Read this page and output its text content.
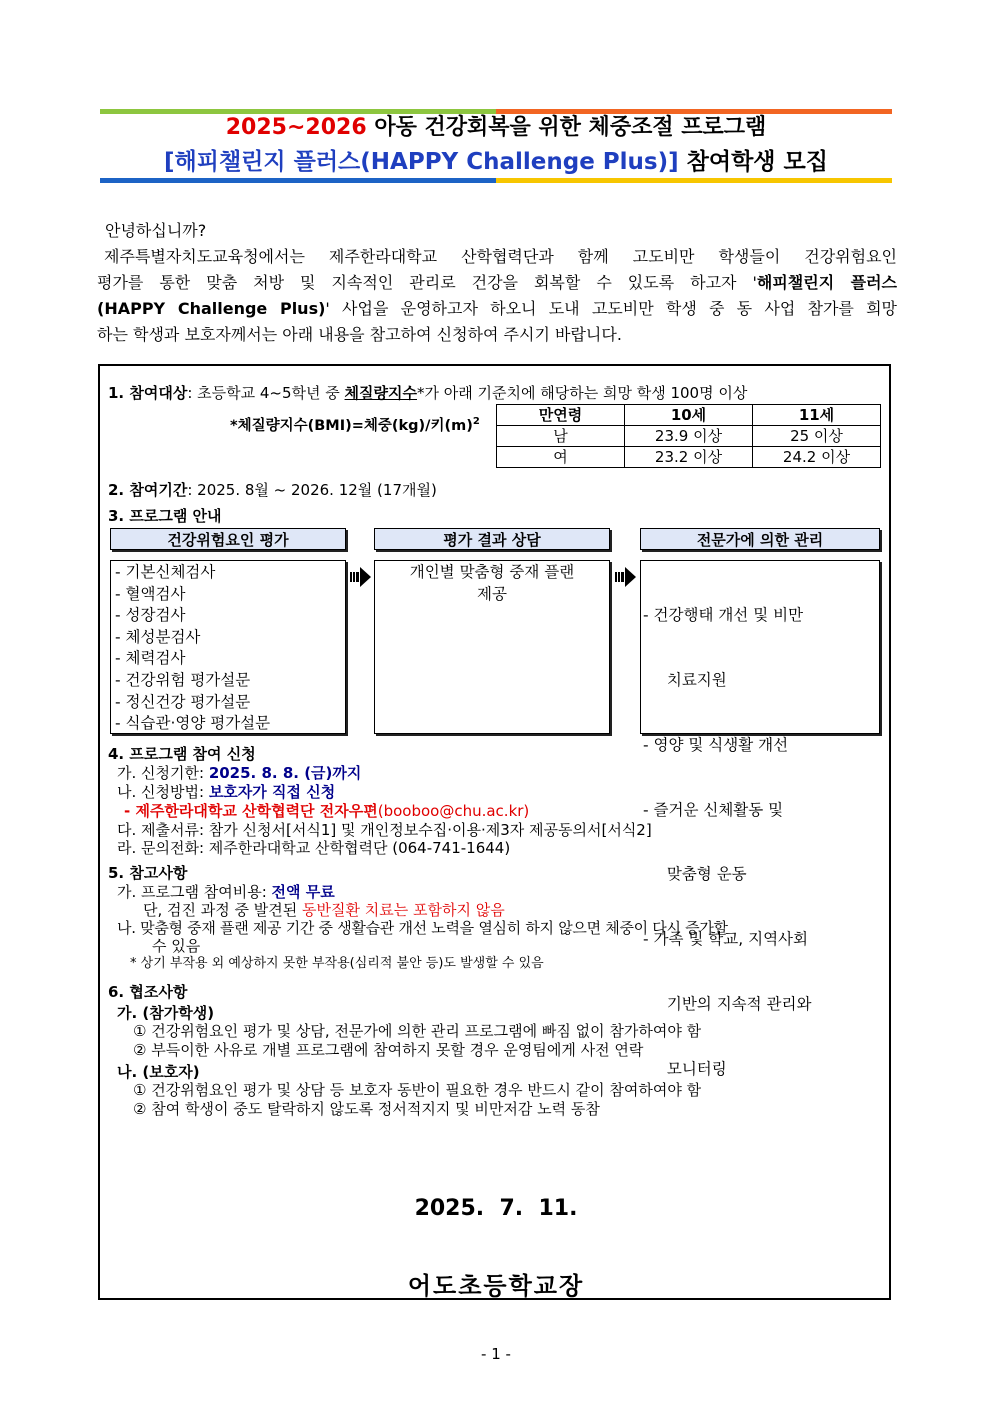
2025~2026 아동 건강회복을 위한 체중조절 프로그램
[해피챌린지 플러스(HAPPY Challenge Plus)] 참여학생 모집

안녕하십니까?

제주특별자치도교육청에서는 제주한라대학교 산학협력단과 함께 고도비만 학생들이 건강위험요인

평가를 통한 맞춤 처방 및 지속적인 관리로 건강을 회복할 수 있도록 하고자 '해피챌린지 플러스

(HAPPY Challenge Plus)' 사업을 운영하고자 하오니 도내 고도비만 학생 중 동 사업 참가를 희망

하는 학생과 보호자께서는 아래 내용을 참고하여 신청하여 주시기 바랍니다.

1. 참여대상: 초등학교 4~5학년 중 체질량지수*가 아래 기준치에 해당하는 희망 학생 100명 이상
*체질량지수(BMI)=체중(kg)/키$(m)^2$	만연령	10세	11세
남	23.9 이상	25 이상
여	23.2 이상	24.2 이상
2. 참여기간: 2025. 8월 ~ 2026. 12월 (17개월)
3. 프로그램 안내
건강위험요인 평가	평가 결과 상담	전문가에 의한 관리
- 기본신체검사
- 혈액검사
- 성장검사
- 체성분검사
- 체력검사
- 건강위험 평가설문
- 정신건강 평가설문
- 식습관·영양 평가설문
개인별 맞춤형 중재 플랜
제공

- 건강행태 개선 및 비만

치료지원

- 영양 및 식생활 개선

- 즐거운 신체활동 및

맞춤형 운동

- 가족 및 학교, 지역사회

기반의 지속적 관리와

모니터링

4. 프로그램 참여 신청
가. 신청기한: 2025. 8. 8. (금)까지
나. 신청방법: 보호자가 직접 신청
- 제주한라대학교 산학협력단 전자우편(booboo@chu.ac.kr)
다. 제출서류: 참가 신청서[서식1] 및 개인정보수집·이용·제3자 제공동의서[서식2]
라. 문의전화: 제주한라대학교 산학협력단 (064-741-1644)
5. 참고사항
가. 프로그램 참여비용: 전액 무료
단, 검진 과정 중 발견된 동반질환 치료는 포함하지 않음
나. 맞춤형 중재 플랜 제공 기간 중 생활습관 개선 노력을 열심히 하지 않으면 체중이 다시 증가할
수 있음
* 상기 부작용 외 예상하지 못한 부작용(심리적 불안 등)도 발생할 수 있음
6. 협조사항
가. (참가학생)
① 건강위험요인 평가 및 상담, 전문가에 의한 관리 프로그램에 빠짐 없이 참가하여야 함
② 부득이한 사유로 개별 프로그램에 참여하지 못할 경우 운영팀에게 사전 연락
나. (보호자)
① 건강위험요인 평가 및 상담 등 보호자 동반이 필요한 경우 반드시 같이 참여하여야 함
② 참여 학생이 중도 탈락하지 않도록 정서적지지 및 비만저감 노력 동참
2025.  7.  11.
어도초등학교장
- 1 -
